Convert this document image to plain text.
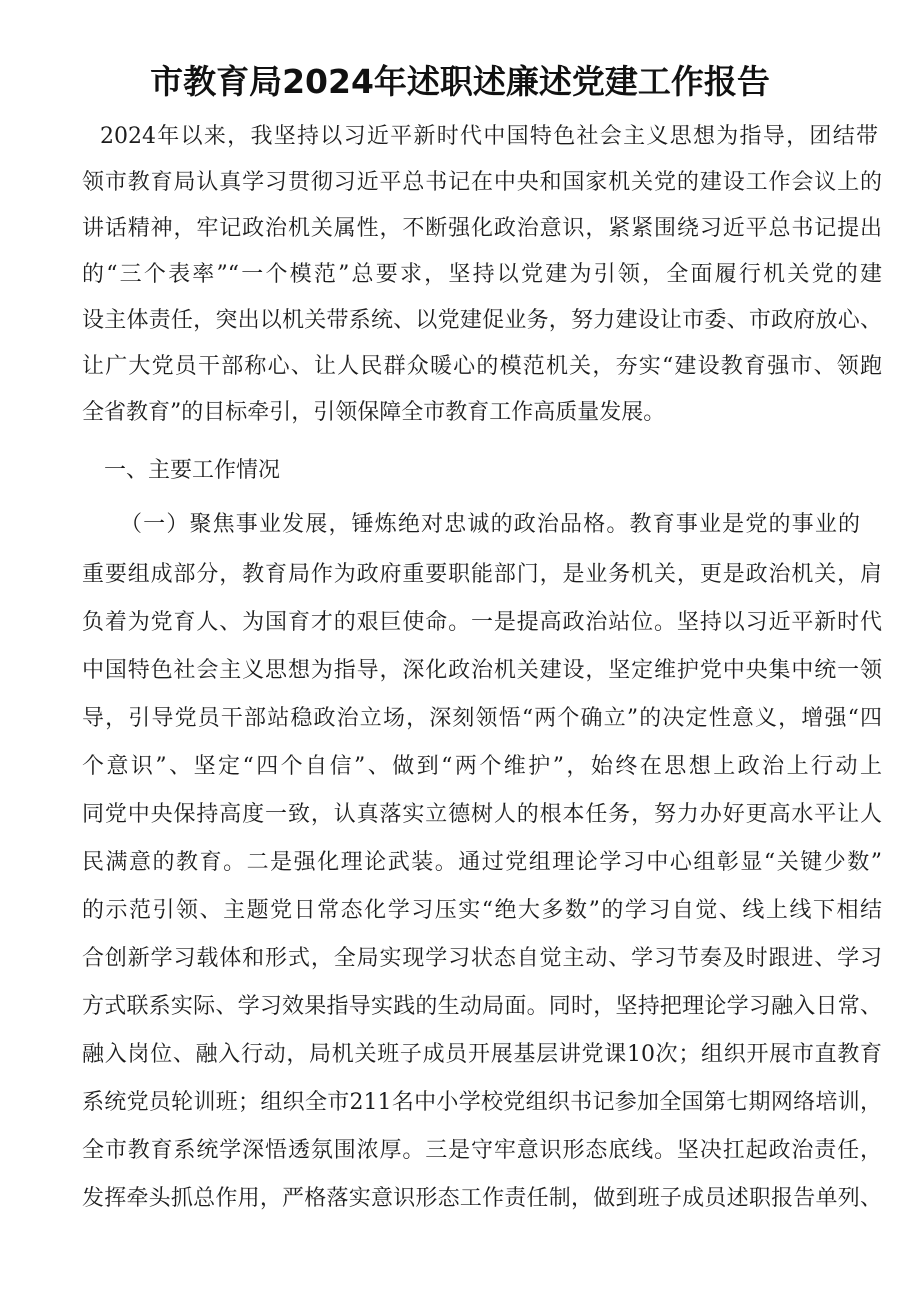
市教育局2024年述职述廉述党建工作报告

2024年以来，我坚持以习近平新时代中国特色社会主义思想为指导，团结带

领市教育局认真学习贯彻习近平总书记在中央和国家机关党的建设工作会议上的

讲话精神，牢记政治机关属性，不断强化政治意识，紧紧围绕习近平总书记提出

的“三个表率”“一个模范”总要求，坚持以党建为引领，全面履行机关党的建

设主体责任，突出以机关带系统、以党建促业务，努力建设让市委、市政府放心、

让广大党员干部称心、让人民群众暖心的模范机关，夯实“建设教育强市、领跑

全省教育”的目标牵引，引领保障全市教育工作高质量发展。

一、主要工作情况

（一）聚焦事业发展，锤炼绝对忠诚的政治品格。教育事业是党的事业的

重要组成部分，教育局作为政府重要职能部门，是业务机关，更是政治机关，肩

负着为党育人、为国育才的艰巨使命。一是提高政治站位。坚持以习近平新时代

中国特色社会主义思想为指导，深化政治机关建设，坚定维护党中央集中统一领

导，引导党员干部站稳政治立场，深刻领悟“两个确立”的决定性意义，增强“四

个意识”、坚定“四个自信”、做到“两个维护”，始终在思想上政治上行动上

同党中央保持高度一致，认真落实立德树人的根本任务，努力办好更高水平让人

民满意的教育。二是强化理论武装。通过党组理论学习中心组彰显“关键少数”

的示范引领、主题党日常态化学习压实“绝大多数”的学习自觉、线上线下相结

合创新学习载体和形式，全局实现学习状态自觉主动、学习节奏及时跟进、学习

方式联系实际、学习效果指导实践的生动局面。同时，坚持把理论学习融入日常、

融入岗位、融入行动，局机关班子成员开展基层讲党课10次；组织开展市直教育

系统党员轮训班；组织全市211名中小学校党组织书记参加全国第七期网络培训，

全市教育系统学深悟透氛围浓厚。三是守牢意识形态底线。坚决扛起政治责任，

发挥牵头抓总作用，严格落实意识形态工作责任制，做到班子成员述职报告单列、
